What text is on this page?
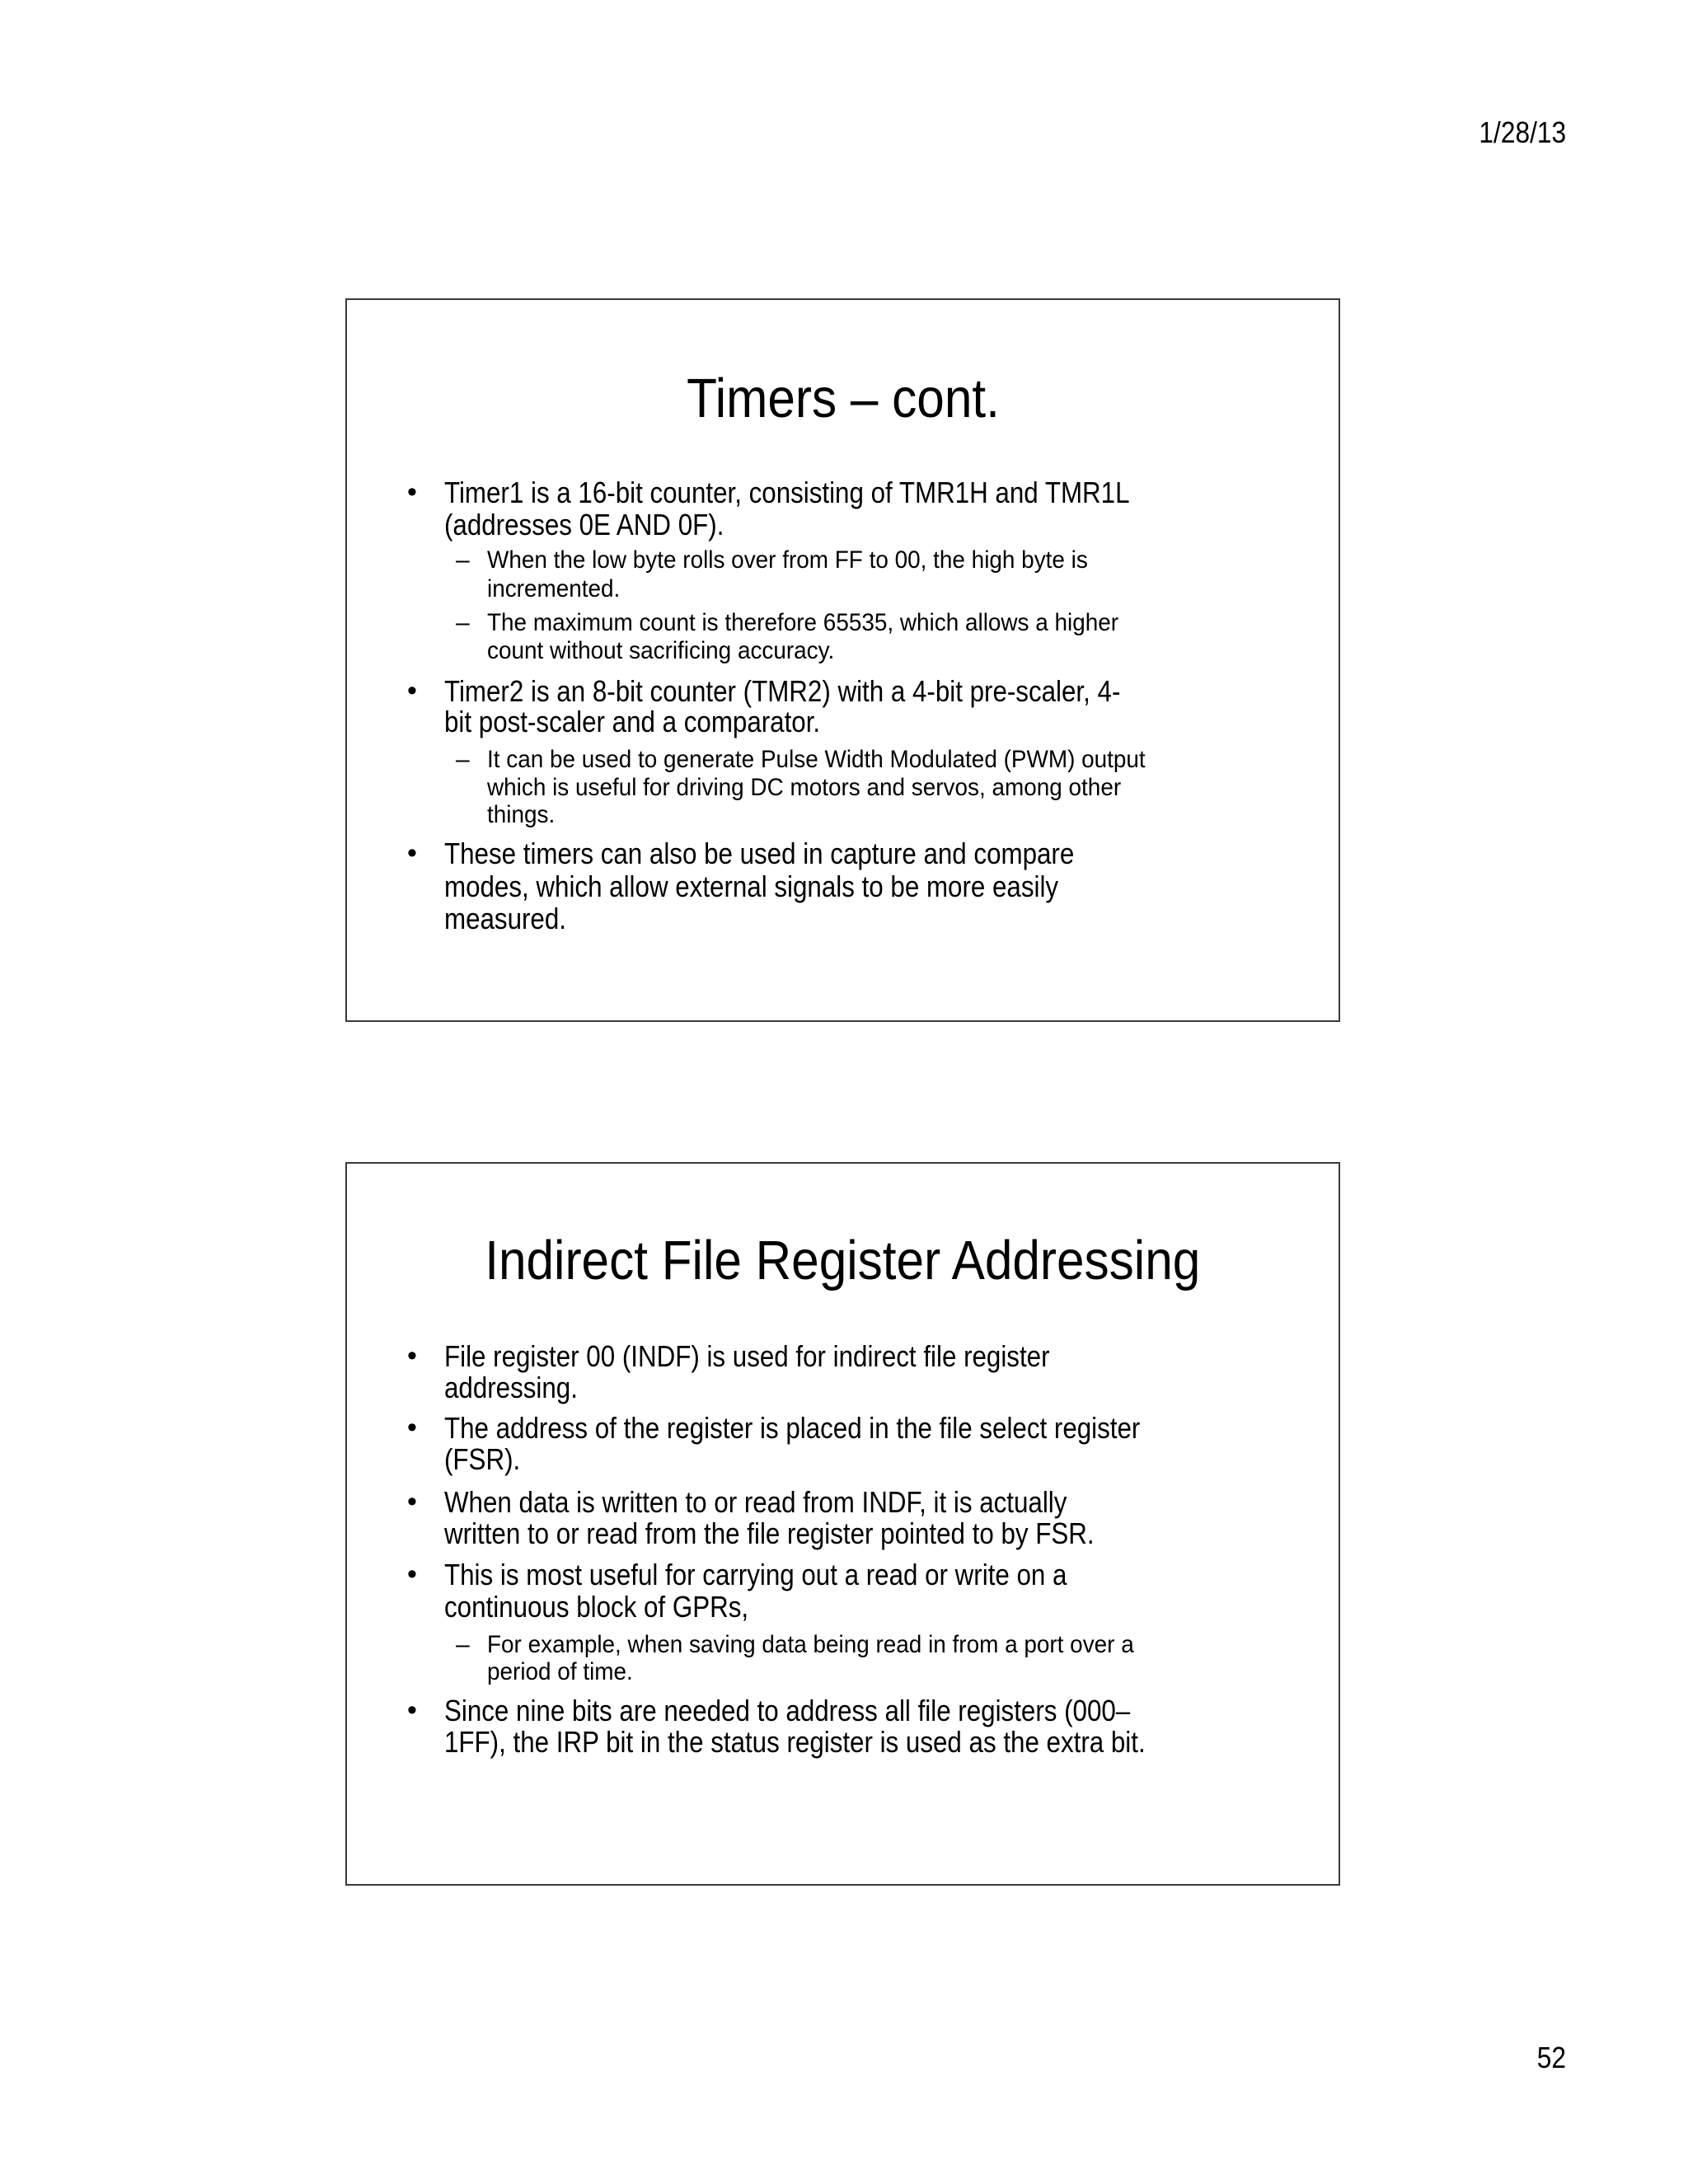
1/28/13
Timers – cont.
• Timer1 is a 16-bit counter, consisting of TMR1H and TMR1L
(addresses 0E AND 0F).
– When the low byte rolls over from FF to 00, the high byte is
incremented.
– The maximum count is therefore 65535, which allows a higher
count without sacrificing accuracy.
• Timer2 is an 8-bit counter (TMR2) with a 4-bit pre-scaler, 4-
bit post-scaler and a comparator.
– It can be used to generate Pulse Width Modulated (PWM) output
which is useful for driving DC motors and servos, among other
things.
• These timers can also be used in capture and compare
modes, which allow external signals to be more easily
measured.
Indirect File Register Addressing
• File register 00 (INDF) is used for indirect file register
addressing.
• The address of the register is placed in the file select register
(FSR).
• When data is written to or read from INDF, it is actually
written to or read from the file register pointed to by FSR.
• This is most useful for carrying out a read or write on a
continuous block of GPRs,
– For example, when saving data being read in from a port over a
period of time.
• Since nine bits are needed to address all file registers (000–
1FF), the IRP bit in the status register is used as the extra bit.
52
